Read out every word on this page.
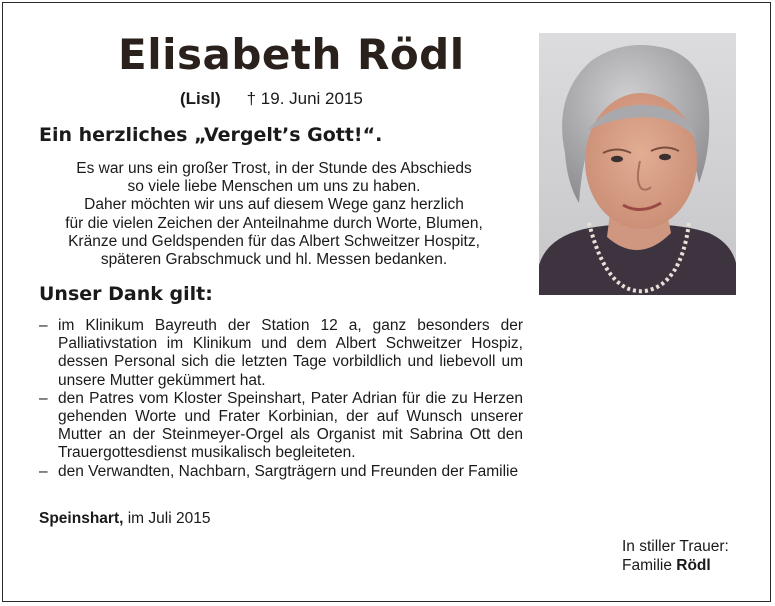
Elisabeth Rödl
(Lisl) † 19. Juni 2015
Ein herzliches „Vergelt’s Gott!“.
Es war uns ein großer Trost, in der Stunde des Abschieds
so viele liebe Menschen um uns zu haben.
Daher möchten wir uns auf diesem Wege ganz herzlich
für die vielen Zeichen der Anteilnahme durch Worte, Blumen,
Kränze und Geldspenden für das Albert Schweitzer Hospitz,
späteren Grabschmuck und hl. Messen bedanken.
Unser Dank gilt:
– im Klinikum Bayreuth der Station 12 a, ganz besonders der Palliativstation im Klinikum und dem Albert Schweitzer Hospiz, dessen Personal sich die letzten Tage vorbildlich und liebevoll um unsere Mutter gekümmert hat.
– den Patres vom Kloster Speinshart, Pater Adrian für die zu Herzen gehenden Worte und Frater Korbinian, der auf Wunsch unserer Mutter an der Steinmeyer-Orgel als Organist mit Sabrina Ott den Trauergottesdienst musikalisch begleiteten.
– den Verwandten, Nachbarn, Sargträgern und Freunden der Familie
Speinshart, im Juli 2015
In stiller Trauer:
Familie Rödl
